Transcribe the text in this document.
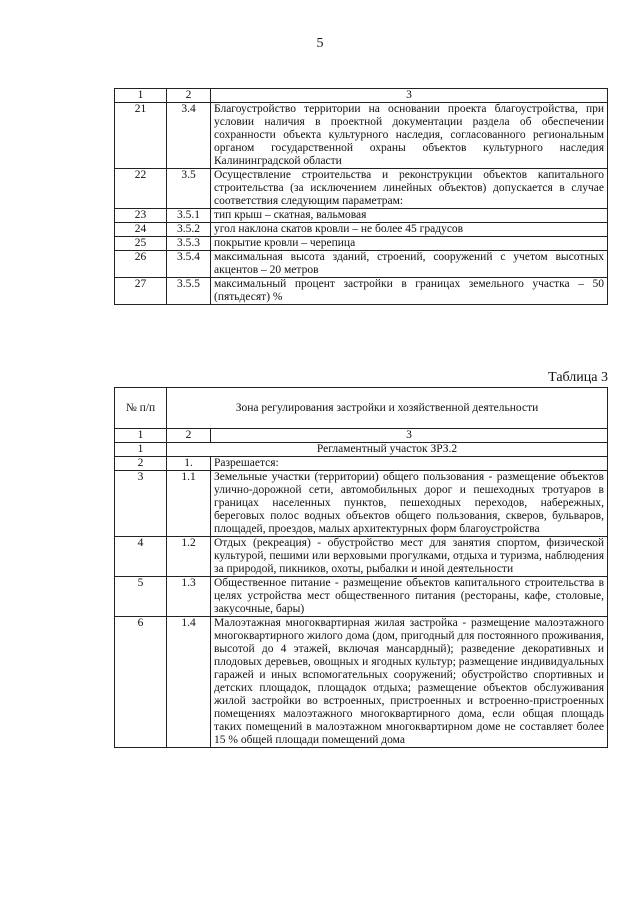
5
1	2	3
21	3.4	Благоустройство территории на основании проекта благоустройства, при условии наличия в проектной документации раздела об обеспечении сохранности объекта культурного наследия, согласованного региональным органом государственной охраны объектов культурного наследия Калининградской области
22	3.5	Осуществление строительства и реконструкции объектов капитального строительства (за исключением линейных объектов) допускается в случае соответствия следующим параметрам:
23	3.5.1	тип крыш – скатная, вальмовая
24	3.5.2	угол наклона скатов кровли – не более 45 градусов
25	3.5.3	покрытие кровли – черепица
26	3.5.4	максимальная высота зданий, строений, сооружений с учетом высотных акцентов – 20 метров
27	3.5.5	максимальный процент застройки в границах земельного участка – 50 (пятьдесят) %
Таблица 3
№ п/п	Зона регулирования застройки и хозяйственной деятельности	
1	2	3
1	Регламентный участок ЗРЗ.2	
2	1.	Разрешается:
3	1.1	Земельные участки (территории) общего пользования - размещение объектов улично-дорожной сети, автомобильных дорог и пешеходных тротуаров в границах населенных пунктов, пешеходных переходов, набережных, береговых полос водных объектов общего пользования, скверов, бульваров, площадей, проездов, малых архитектурных форм благоустройства
4	1.2	Отдых (рекреация) - обустройство мест для занятия спортом, физической культурой, пешими или верховыми прогулками, отдыха и туризма, наблюдения за природой, пикников, охоты, рыбалки и иной деятельности
5	1.3	Общественное питание - размещение объектов капитального строительства в целях устройства мест общественного питания (рестораны, кафе, столовые, закусочные, бары)
6	1.4	Малоэтажная многоквартирная жилая застройка - размещение малоэтажного многоквартирного жилого дома (дом, пригодный для постоянного проживания, высотой до 4 этажей, включая мансардный); разведение декоративных и плодовых деревьев, овощных и ягодных культур; размещение индивидуальных гаражей и иных вспомогательных сооружений; обустройство спортивных и детских площадок, площадок отдыха; размещение объектов обслуживания жилой застройки во встроенных, пристроенных и встроенно-пристроенных помещениях малоэтажного многоквартирного дома, если общая площадь таких помещений в малоэтажном многоквартирном доме не составляет более 15 % общей площади помещений дома
